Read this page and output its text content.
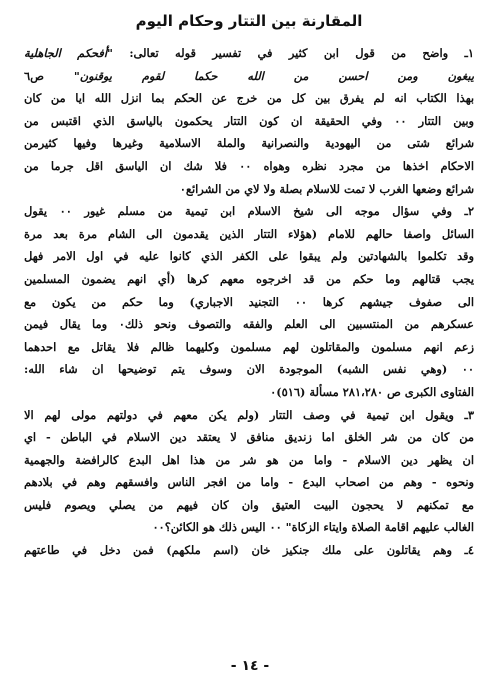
المقارنة بين التتار وحكام اليوم
١ـ واضح من قول ابن كثير في تفسير قوله تعالى: "أفحكم الجاهلية
يبغون ومن احسن من الله حكما لقوم يوقنون" ص٦
بهذا الكتاب انه لم يفرق بين كل من خرج عن الحكم بما انزل الله ايا من كان
وبين التتار ٠٠ وفي الحقيقة ان كون التتار يحكمون بالياسق الذي اقتبس من
شرائع شتى من اليهودية والنصرانية والملة الاسلامية وغيرها وفيها كثيرمن
الاحكام اخذها من مجرد نظره وهواه ٠٠ فلا شك ان الياسق اقل جرما من
شرائع وضعها الغرب لا تمت للاسلام بصلة ولا لاي من الشرائع٠
٢ـ وفي سؤال موجه الى شيخ الاسلام ابن تيمية من مسلم غيور ٠٠ يقول
السائل واصفا حالهم للامام (هؤلاء التتار الذين يقدمون الى الشام مرة بعد مرة
وقد تكلموا بالشهادتين ولم يبقوا على الكفر الذي كانوا عليه في اول الامر فهل
يجب قتالهم وما حكم من قد اخرجوه معهم كرها (أي انهم يضمون المسلمين
الى صفوف جيشهم كرها ٠٠ التجنيد الاجباري) وما حكم من يكون مع
عسكرهم من المنتسبين الى العلم والفقه والتصوف ونحو ذلك٠ وما يقال فيمن
زعم انهم مسلمون والمقاتلون لهم مسلمون وكليهما ظالم فلا يقاتل مع احدهما
٠٠ (وهي نفس الشبه) الموجودة الان وسوف يتم توضيحها ان شاء الله:
الفتاوى الكبرى ص ٢٨١،٢٨٠ مسألة (٥١٦)٠
٣ـ ويقول ابن تيمية في وصف التتار (ولم يكن معهم في دولتهم مولى لهم الا
من كان من شر الخلق اما زنديق منافق لا يعتقد دين الاسلام في الباطن - اي
ان يظهر دين الاسلام - واما من هو شر من هذا اهل البدع كالرافضة والجهمية
ونحوه - وهم من اصحاب البدع - واما من افجر الناس وافسقهم وهم في بلادهم
مع تمكنهم لا يحجون البيت العتيق وان كان فيهم من يصلي ويصوم فليس
الغالب عليهم اقامة الصلاة وايتاء الزكاة" ٠٠ اليس ذلك هو الكائن؟٠٠
٤ـ وهم يقاتلون على ملك جنكيز خان (اسم ملكهم) فمن دخل في طاعتهم
- ١٤ -
